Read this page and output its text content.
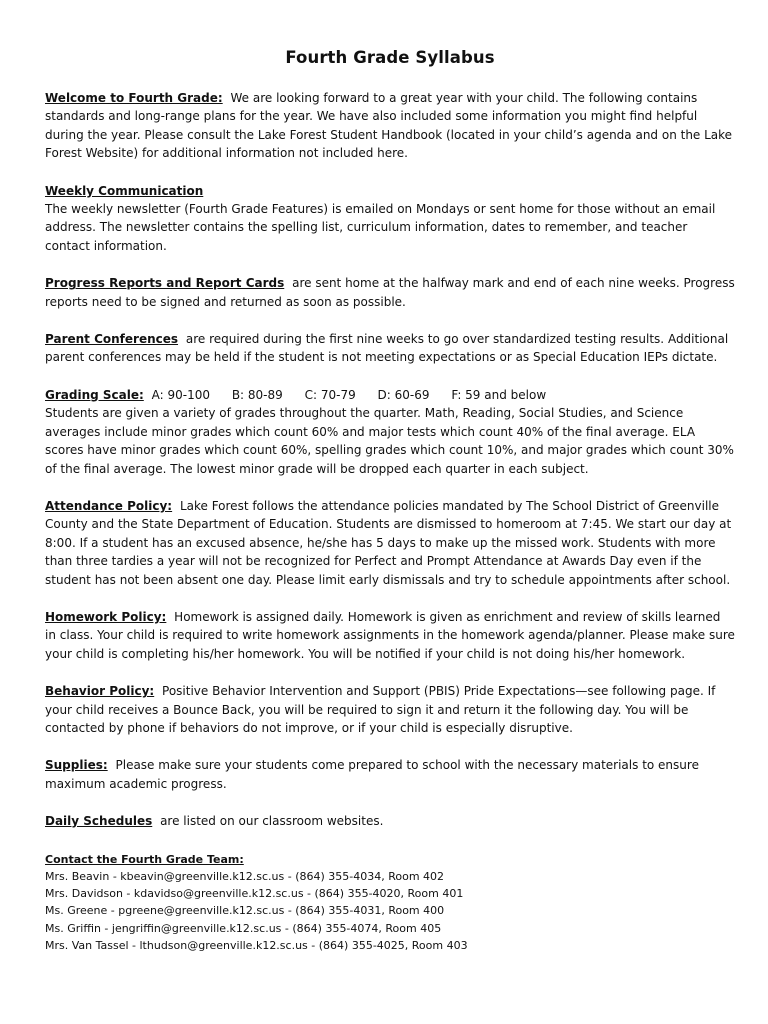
Fourth Grade Syllabus
Welcome to Fourth Grade: We are looking forward to a great year with your child. The following contains standards and long-range plans for the year. We have also included some information you might find helpful during the year. Please consult the Lake Forest Student Handbook (located in your child’s agenda and on the Lake Forest Website) for additional information not included here.
Weekly Communication
The weekly newsletter (Fourth Grade Features) is emailed on Mondays or sent home for those without an email address. The newsletter contains the spelling list, curriculum information, dates to remember, and teacher contact information.
Progress Reports and Report Cards are sent home at the halfway mark and end of each nine weeks. Progress reports need to be signed and returned as soon as possible.
Parent Conferences are required during the first nine weeks to go over standardized testing results. Additional parent conferences may be held if the student is not meeting expectations or as Special Education IEPs dictate.
Grading Scale: A: 90-100 B: 80-89 C: 70-79 D: 60-69 F: 59 and below
Students are given a variety of grades throughout the quarter. Math, Reading, Social Studies, and Science averages include minor grades which count 60% and major tests which count 40% of the final average. ELA scores have minor grades which count 60%, spelling grades which count 10%, and major grades which count 30% of the final average. The lowest minor grade will be dropped each quarter in each subject.
Attendance Policy: Lake Forest follows the attendance policies mandated by The School District of Greenville County and the State Department of Education. Students are dismissed to homeroom at 7:45. We start our day at 8:00. If a student has an excused absence, he/she has 5 days to make up the missed work. Students with more than three tardies a year will not be recognized for Perfect and Prompt Attendance at Awards Day even if the student has not been absent one day. Please limit early dismissals and try to schedule appointments after school.
Homework Policy: Homework is assigned daily. Homework is given as enrichment and review of skills learned in class. Your child is required to write homework assignments in the homework agenda/planner. Please make sure your child is completing his/her homework. You will be notified if your child is not doing his/her homework.
Behavior Policy: Positive Behavior Intervention and Support (PBIS) Pride Expectations—see following page. If your child receives a Bounce Back, you will be required to sign it and return it the following day. You will be contacted by phone if behaviors do not improve, or if your child is especially disruptive.
Supplies: Please make sure your students come prepared to school with the necessary materials to ensure maximum academic progress.
Daily Schedules are listed on our classroom websites.
Contact the Fourth Grade Team:
Mrs. Beavin - kbeavin@greenville.k12.sc.us - (864) 355-4034, Room 402
Mrs. Davidson - kdavidso@greenville.k12.sc.us - (864) 355-4020, Room 401
Ms. Greene - pgreene@greenville.k12.sc.us - (864) 355-4031, Room 400
Ms. Griffin - jengriffin@greenville.k12.sc.us - (864) 355-4074, Room 405
Mrs. Van Tassel - lthudson@greenville.k12.sc.us - (864) 355-4025, Room 403
